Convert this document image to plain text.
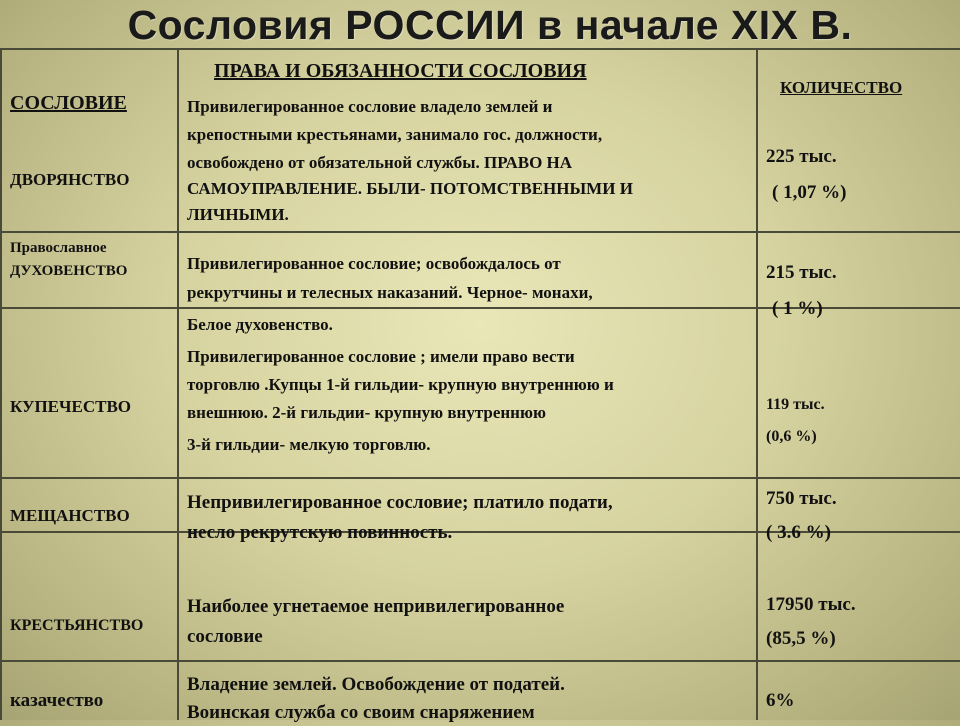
Сословия РОССИИ в начале XIX В.
СОСЛОВИЕ
ПРАВА И ОБЯЗАННОСТИ СОСЛОВИЯ
КОЛИЧЕСТВО
ДВОРЯНСТВО
Привилегированное сословие владело землей и
крепостными крестьянами, занимало гос. должности,
освобождено от обязательной службы. ПРАВО НА
САМОУПРАВЛЕНИЕ. БЫЛИ- ПОТОМСТВЕННЫМИ И
ЛИЧНЫМИ.
225 тыс.
( 1,07 %)
Православное
ДУХОВЕНСТВО	Привилегированное сословие; освобождалось от
рекрутчины и телесных наказаний. Черное- монахи,
Белое духовенство.
215 тыс.
( 1 %)
КУПЕЧЕСТВО
Привилегированное сословие ; имели право вести
торговлю .Купцы 1-й гильдии- крупную внутреннюю и
внешнюю. 2-й гильдии- крупную внутреннюю
3-й гильдии- мелкую торговлю.
119 тыс.
(0,6 %)
МЕЩАНСТВО
Непривилегированное сословие; платило подати,
несло рекрутскую повинность.
750 тыс.
( 3.6 %)
КРЕСТЬЯНСТВО
Наиболее угнетаемое непривилегированное
сословие
17950 тыс.
(85,5 %)
казачество
Владение землей. Освобождение от податей.
Воинская служба со своим снаряжением
6%
